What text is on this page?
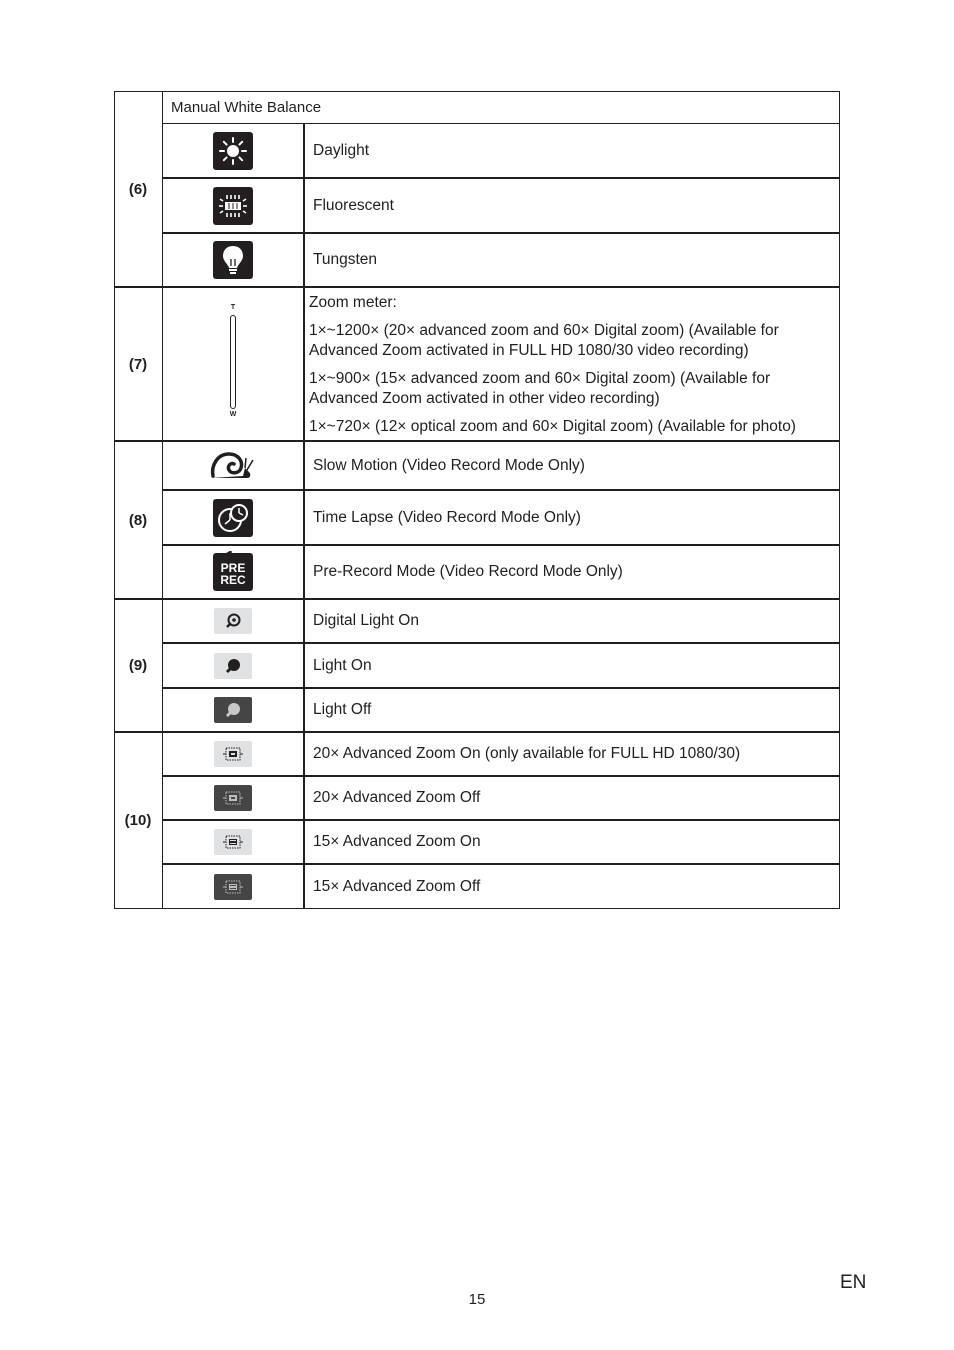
(6)
Manual White Balance
Daylight
Fluorescent
Tungsten
(7)
T
W

Zoom meter:

1×~1200× (20× advanced zoom and 60× Digital zoom) (Available for Advanced Zoom activated in FULL HD 1080/30 video recording)

1×~900× (15× advanced zoom and 60× Digital zoom) (Available for Advanced Zoom activated in other video recording)

1×~720× (12× optical zoom and 60× Digital zoom) (Available for photo)

(8)
Slow Motion (Video Record Mode Only)
Time Lapse (Video Record Mode Only)
PRE
REC	Pre-Record Mode (Video Record Mode Only)
(9)
Digital Light On
Light On
Light Off
(10)
20× Advanced Zoom On (only available for FULL HD 1080/30)
20× Advanced Zoom Off
15× Advanced Zoom On
15× Advanced Zoom Off
15
EN
